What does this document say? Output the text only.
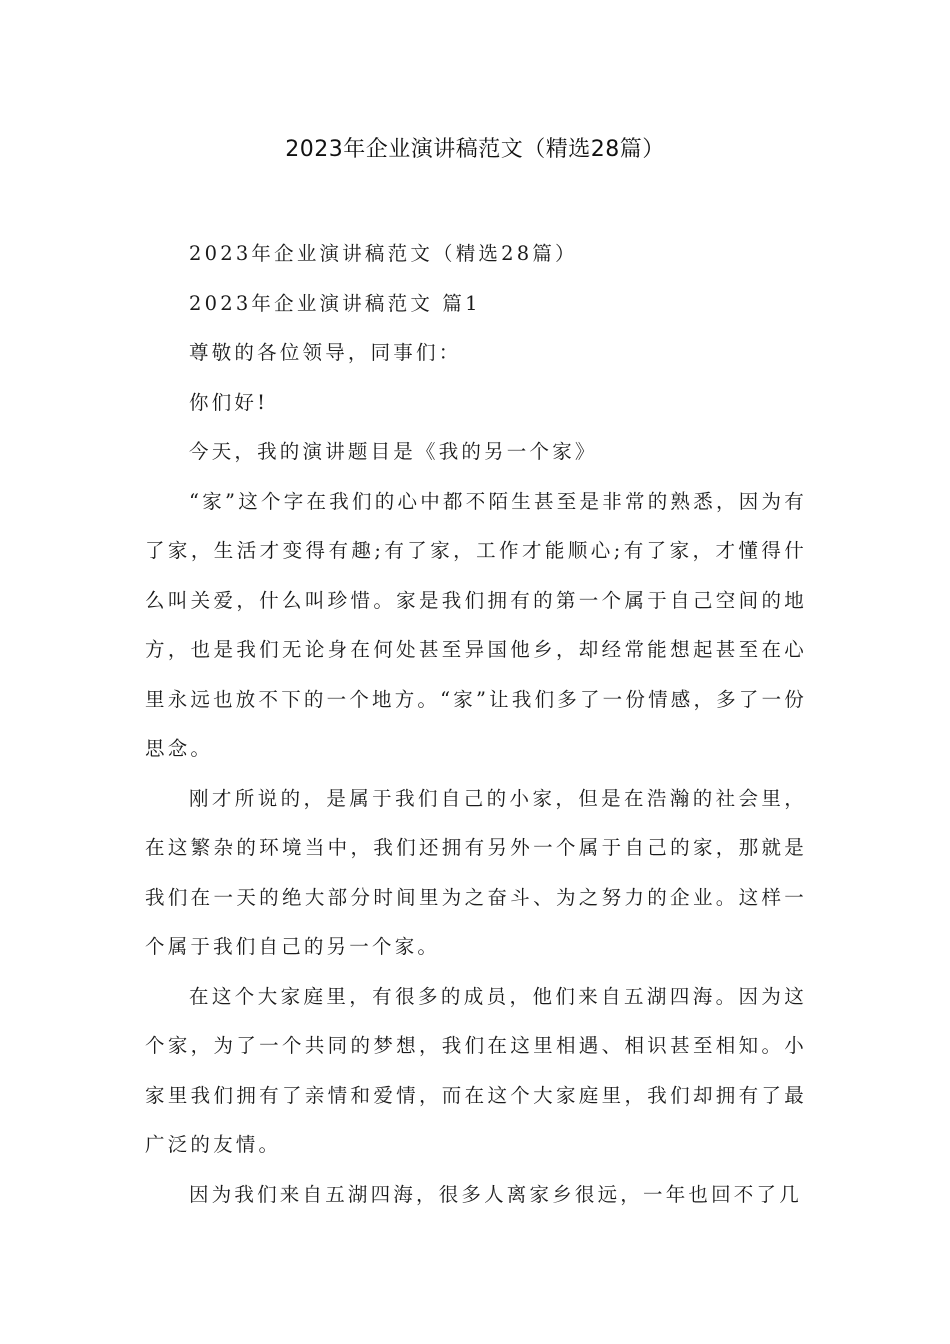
2023年企业演讲稿范文（精选28篇）

2023年企业演讲稿范文（精选28篇）

2023年企业演讲稿范文 篇1

尊敬的各位领导，同事们：

你们好!

今天，我的演讲题目是《我的另一个家》

“家”这个字在我们的心中都不陌生甚至是非常的熟悉，因为有了家，生活才变得有趣;有了家，工作才能顺心;有了家，才懂得什么叫关爱，什么叫珍惜。家是我们拥有的第一个属于自己空间的地方，也是我们无论身在何处甚至异国他乡，却经常能想起甚至在心里永远也放不下的一个地方。“家”让我们多了一份情感，多了一份思念。

刚才所说的，是属于我们自己的小家，但是在浩瀚的社会里，在这繁杂的环境当中，我们还拥有另外一个属于自己的家，那就是我们在一天的绝大部分时间里为之奋斗、为之努力的企业。这样一个属于我们自己的另一个家。

在这个大家庭里，有很多的成员，他们来自五湖四海。因为这个家，为了一个共同的梦想，我们在这里相遇、相识甚至相知。小家里我们拥有了亲情和爱情，而在这个大家庭里，我们却拥有了最广泛的友情。

因为我们来自五湖四海，很多人离家乡很远，一年也回不了几
